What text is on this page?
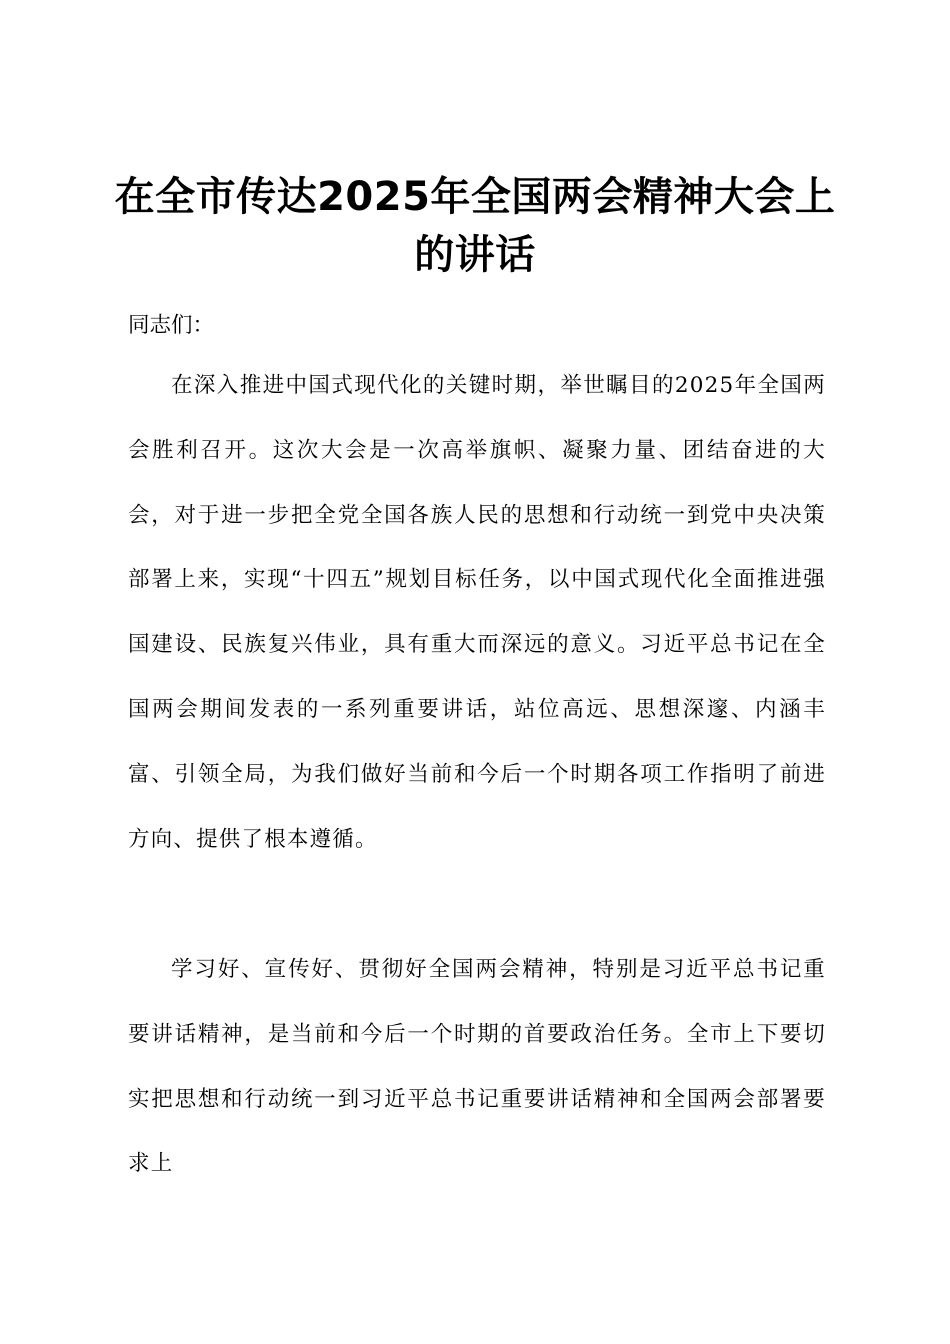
在全市传达2025年全国两会精神大会上的讲话

同志们：

在深入推进中国式现代化的关键时期，举世瞩目的2025年全国两会胜利召开。这次大会是一次高举旗帜、凝聚力量、团结奋进的大会，对于进一步把全党全国各族人民的思想和行动统一到党中央决策部署上来，实现“十四五”规划目标任务，以中国式现代化全面推进强国建设、民族复兴伟业，具有重大而深远的意义。习近平总书记在全国两会期间发表的一系列重要讲话，站位高远、思想深邃、内涵丰富、引领全局，为我们做好当前和今后一个时期各项工作指明了前进方向、提供了根本遵循。

学习好、宣传好、贯彻好全国两会精神，特别是习近平总书记重要讲话精神，是当前和今后一个时期的首要政治任务。全市上下要切实把思想和行动统一到习近平总书记重要讲话精神和全国两会部署要求上
